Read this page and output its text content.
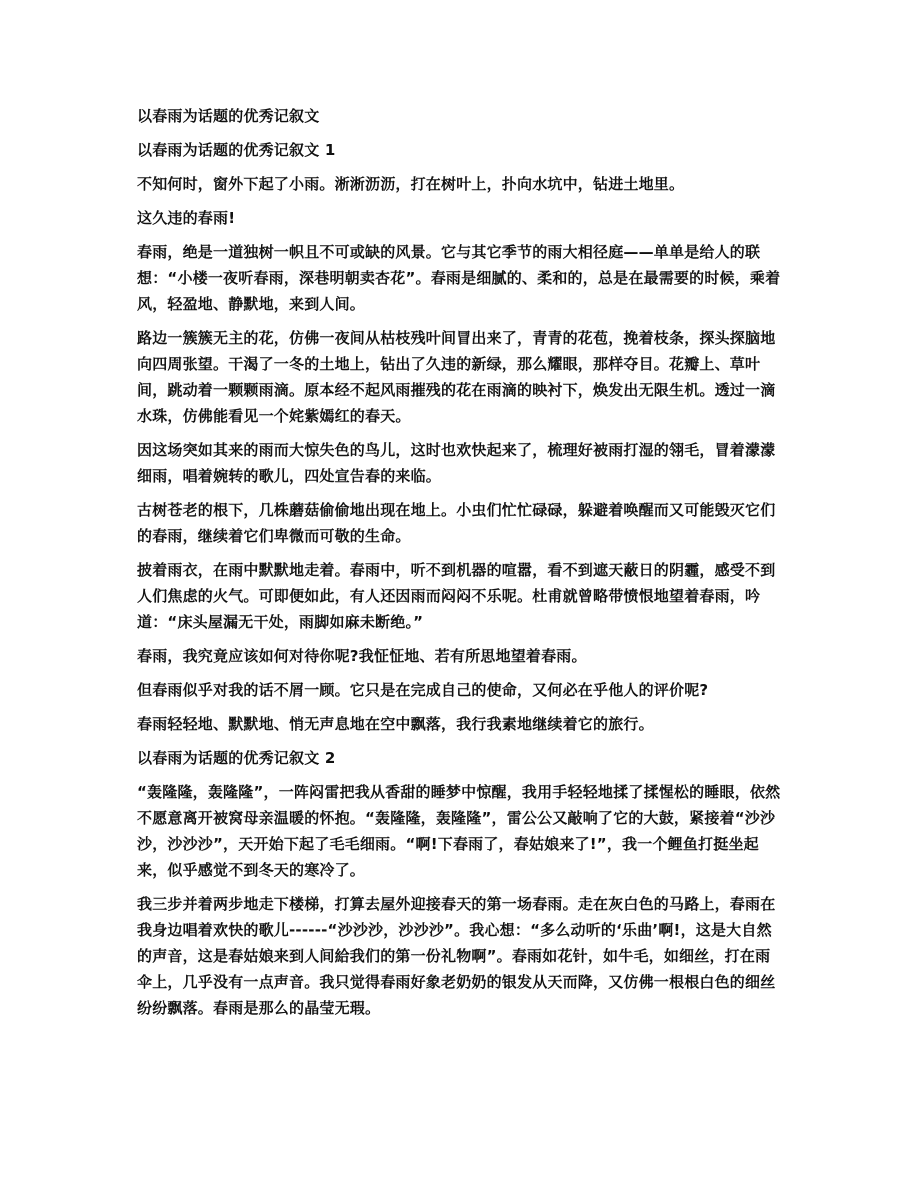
以春雨为话题的优秀记叙文
以春雨为话题的优秀记叙文 1
不知何时，窗外下起了小雨。淅淅沥沥，打在树叶上，扑向水坑中，钻进土地里。
这久违的春雨!
春雨，绝是一道独树一帜且不可或缺的风景。它与其它季节的雨大相径庭——单单是给人的联想：“小楼一夜听春雨，深巷明朝卖杏花”。春雨是细腻的、柔和的，总是在最需要的时候，乘着风，轻盈地、静默地，来到人间。
路边一簇簇无主的花，仿佛一夜间从枯枝残叶间冒出来了，青青的花苞，挽着枝条，探头探脑地向四周张望。干渴了一冬的土地上，钻出了久违的新绿，那么耀眼，那样夺目。花瓣上、草叶间，跳动着一颗颗雨滴。原本经不起风雨摧残的花在雨滴的映衬下，焕发出无限生机。透过一滴水珠，仿佛能看见一个姹紫嫣红的春天。
因这场突如其来的雨而大惊失色的鸟儿，这时也欢快起来了，梳理好被雨打湿的翎毛，冒着濛濛细雨，唱着婉转的歌儿，四处宣告春的来临。
古树苍老的根下，几株蘑菇偷偷地出现在地上。小虫们忙忙碌碌，躲避着唤醒而又可能毁灭它们的春雨，继续着它们卑微而可敬的生命。
披着雨衣，在雨中默默地走着。春雨中，听不到机器的喧嚣，看不到遮天蔽日的阴霾，感受不到人们焦虑的火气。可即便如此，有人还因雨而闷闷不乐呢。杜甫就曾略带愤恨地望着春雨，吟道：“床头屋漏无干处，雨脚如麻未断绝。”
春雨，我究竟应该如何对待你呢?我怔怔地、若有所思地望着春雨。
但春雨似乎对我的话不屑一顾。它只是在完成自己的使命，又何必在乎他人的评价呢?
春雨轻轻地、默默地、悄无声息地在空中飘落，我行我素地继续着它的旅行。
以春雨为话题的优秀记叙文 2
“轰隆隆，轰隆隆”，一阵闷雷把我从香甜的睡梦中惊醒，我用手轻轻地揉了揉惺松的睡眼，依然不愿意离开被窝母亲温暖的怀抱。“轰隆隆，轰隆隆”，雷公公又敲响了它的大鼓，紧接着“沙沙沙，沙沙沙”，天开始下起了毛毛细雨。“啊!下春雨了，春姑娘来了!”，我一个鲤鱼打挺坐起来，似乎感觉不到冬天的寒冷了。
我三步并着两步地走下楼梯，打算去屋外迎接春天的第一场春雨。走在灰白色的马路上，春雨在我身边唱着欢快的歌儿------“沙沙沙，沙沙沙”。我心想：“多么动听的‘乐曲’啊!，这是大自然的声音，这是春姑娘来到人间給我们的第一份礼物啊”。春雨如花针，如牛毛，如细丝，打在雨伞上，几乎没有一点声音。我只觉得春雨好象老奶奶的银发从天而降，又仿佛一根根白色的细丝纷纷飘落。春雨是那么的晶莹无瑕。
